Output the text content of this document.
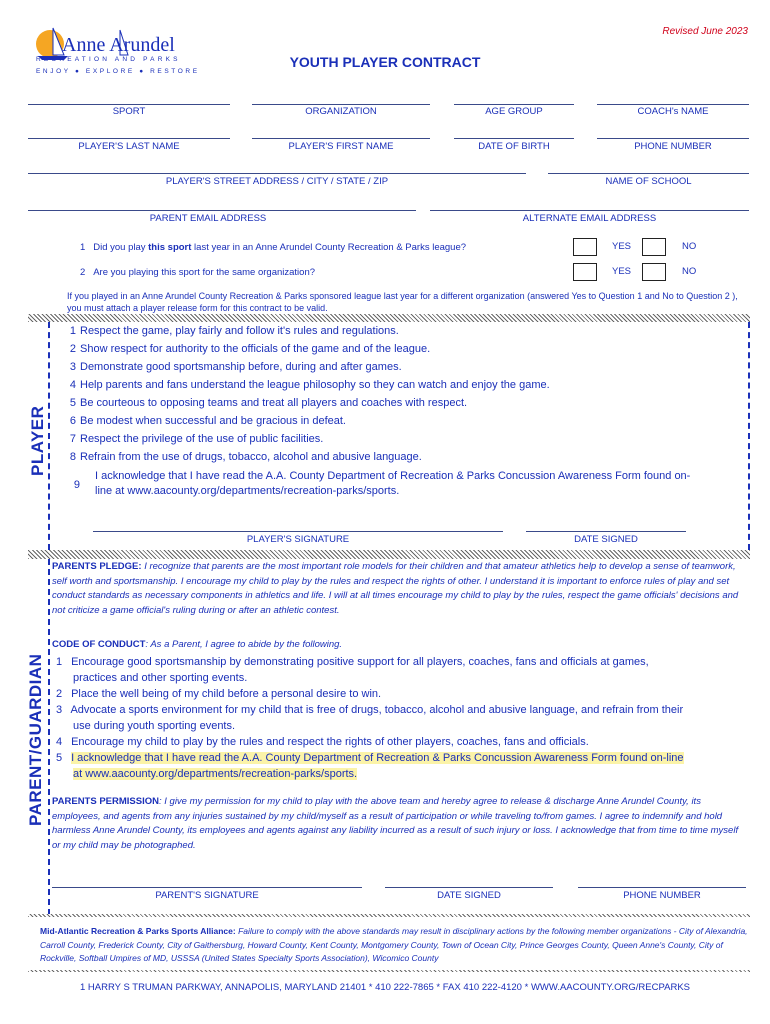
Revised June 2023
YOUTH PLAYER CONTRACT
Anne Arundel
RECREATION AND PARKS
ENJOY ● EXPLORE ● RESTORE
SPORT	ORGANIZATION	AGE GROUP	COACH's NAME
PLAYER'S LAST NAME	PLAYER'S FIRST NAME	DATE OF BIRTH	PHONE NUMBER
PLAYER'S STREET ADDRESS / CITY / STATE / ZIP	NAME OF SCHOOL
PARENT EMAIL ADDRESS	ALTERNATE EMAIL ADDRESS
1 Did you play this sport last year in an Anne Arundel County Recreation & Parks league?	YES	NO
2 Are you playing this sport for the same organization?	YES	NO
If you played in an Anne Arundel County Recreation & Parks sponsored league last year for a different organization (answered Yes to Question 1 and No to Question 2 ), you must attach a player release form for this contract to be valid.
PLAYER
1 Respect the game, play fairly and follow it's rules and regulations.
2 Show respect for authority to the officials of the game and of the league.
3 Demonstrate good sportsmanship before, during and after games.
4 Help parents and fans understand the league philosophy so they can watch and enjoy the game.
5 Be courteous to opposing teams and treat all players and coaches with respect.
6 Be modest when successful and be gracious in defeat.
7 Respect the privilege of the use of public facilities.
8 Refrain from the use of drugs, tobacco, alcohol and abusive language.
9
I acknowledge that I have read the A.A. County Department of Recreation & Parks Concussion Awareness Form found on-
line at www.aacounty.org/departments/recreation-parks/sports.
PLAYER'S SIGNATURE	DATE SIGNED
PARENT/GUARDIAN
PARENTS PLEDGE: I recognize that parents are the most important role models for their children and that amateur athletics help to develop a sense of teamwork, self worth and sportsmanship. I encourage my child to play by the rules and respect the rights of other. I understand it is important to enforce rules of play and set conduct standards as necessary components in athletics and life. I will at all times encourage my child to play by the rules, respect the game officials' decisions and not criticize a game official's ruling during or after an athletic contest.
CODE OF CONDUCT: As a Parent, I agree to abide by the following.
1 Encourage good sportsmanship by demonstrating positive support for all players, coaches, fans and officials at games,
practices and other sporting events.
2 Place the well being of my child before a personal desire to win.
3 Advocate a sports environment for my child that is free of drugs, tobacco, alcohol and abusive language, and refrain from their
use during youth sporting events.
4 Encourage my child to play by the rules and respect the rights of other players, coaches, fans and officials.
5 I acknowledge that I have read the A.A. County Department of Recreation & Parks Concussion Awareness Form found on-line
at www.aacounty.org/departments/recreation-parks/sports.
PARENTS PERMISSION: I give my permission for my child to play with the above team and hereby agree to release & discharge Anne Arundel County, its employees, and agents from any injuries sustained by my child/myself as a result of participation or while traveling to/from games. I agree to indemnify and hold harmless Anne Arundel County, its employees and agents against any liability incurred as a result of such injury or loss. I acknowledge that from time to time myself or my child may be photographed.
PARENT'S SIGNATURE	DATE SIGNED	PHONE NUMBER
Mid-Atlantic Recreation & Parks Sports Alliance: Failure to comply with the above standards may result in disciplinary actions by the following member organizations - City of Alexandria, Carroll County, Frederick County, City of Gaithersburg, Howard County, Kent County, Montgomery County, Town of Ocean City, Prince Georges County, Queen Anne's County, City of Rockville, Softball Umpires of MD, USSSA (United States Specialty Sports Association), Wicomico County
1 HARRY S TRUMAN PARKWAY, ANNAPOLIS, MARYLAND 21401 * 410 222-7865 * FAX 410 222-4120 * WWW.AACOUNTY.ORG/RECPARKS
